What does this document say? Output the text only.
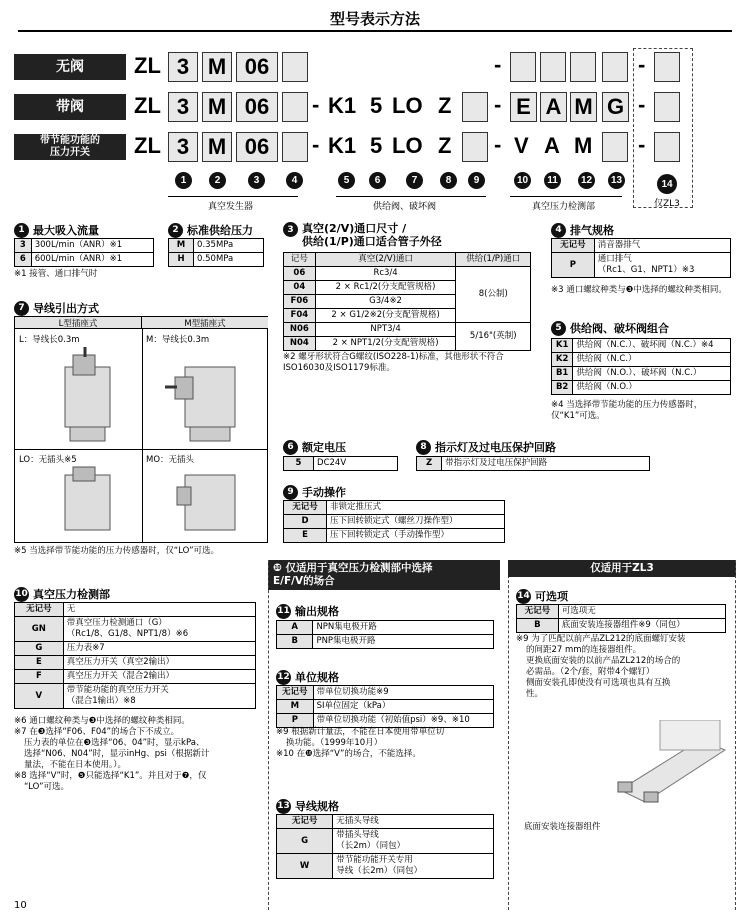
型号表示方法
无阀	ZL 3 M 06	-	-
带阀	ZL 3 M 06	- K1 5 LO Z - E A M G -
带节能功能的
压力开关	ZL 3 M 06	- K1 5 LO Z - V A M -
1	2	3	4	5	6	7	8	9	10	11	12 13	14
真空发生器	供给阀、破坏阀	真空压力检测部	仅ZL3
1 最大吸入流量
3	300L/min（ANR）※1
6	600L/min（ANR）※1
※1 接管、通口排气时
2 标准供给压力
M	0.35MPa
H	0.50MPa
3 真空(2/V)通口尺寸 /
供给(1/P)通口适合管子外径
记号	真空(2/V)通口	供给(1/P)通口
06	Rc3/4	8(公制)
04	2 × Rc1/2(分支配管规格)	
F06	G3/4※2	
F04	2 × G1/2※2(分支配管规格)	
N06	NPT3/4	5/16"(英制)
N04	2 × NPT1/2(分支配管规格)	
※2 螺牙形状符合G螺纹(ISO228-1)标准，其他形状不符合ISO16030及ISO1179标准。
4 排气规格
无记号	消音器排气
P	通口排气
（Rc1、G1、NPT1）※3
※3 通口螺纹种类与❸中选择的螺纹种类相同。
5 供给阀、破坏阀组合
K1	供给阀（N.C.）、破坏阀（N.C.）※4
K2	供给阀（N.C.）
B1	供给阀（N.O.）、破坏阀（N.C.）
B2	供给阀（N.O.）
※4 当选择带节能功能的压力传感器时，仅“K1”可选。
7 导线引出方式
L型插座式	M型插座式
L：导线长0.3m	M：导线长0.3m
LO：无插头※5	MO：无插头
※5 当选择带节能功能的压力传感器时，仅“LO”可选。
6 额定电压
5	DC24V
8 指示灯及过电压保护回路
Z	带指示灯及过电压保护回路
9 手动操作
无记号	非锁定推压式
D	压下回转锁定式（螺丝刀操作型）
E	压下回转锁定式（手动操作型）
10 真空压力检测部
无记号	无
GN	带真空压力检测通口（G）
（Rc1/8、G1/8、NPT1/8）※6
G	压力表※7
E	真空压力开关（真空2输出）
F	真空压力开关（混合2输出）
V	带节能功能的真空压力开关
（混合1输出）※8
※6 通口螺纹种类与❸中选择的螺纹种类相同。
※7 在❸选择“F06、F04”的场合下不成立。
压力表的单位在❸选择“06、04”时，显示kPa、
选择“N06、N04”时，显示inHg、psi（根据新计
量法，不能在日本使用。）。
※8 选择“V”时，❺只能选择“K1”。并且对于❼，仅
“LO”可选。
❿ 仅适用于真空压力检测部中选择
E/F/V的场合
仅适用于ZL3
11 输出规格
A	NPN集电极开路
B	PNP集电极开路
12 单位规格
无记号	带单位切换功能※9
M	SI单位固定（kPa）
P	带单位切换功能（初始值psi）※9、※10
※9 根据新计量法，不能在日本使用带单位切
换功能。（1999年10月）
※10 在❿选择“V”的场合，不能选择。
13 导线规格
无记号	无插头导线
G	带插头导线
（长2m）（同包）
W	带节能功能开关专用
导线（长2m）（同包）
14 可选项
无记号	可选项无
B	底面安装连接器组件※9（同包）
※9 为了匹配以前产品ZL212的底面螺钉安装
的间距27 mm的连接器组件。
更换底面安装的以前产品ZL212的场合的
必需品。（2个/套，附带4个螺钉）
侧面安装孔即使没有可选项也具有互换
性。
底面安装连接器组件
10
